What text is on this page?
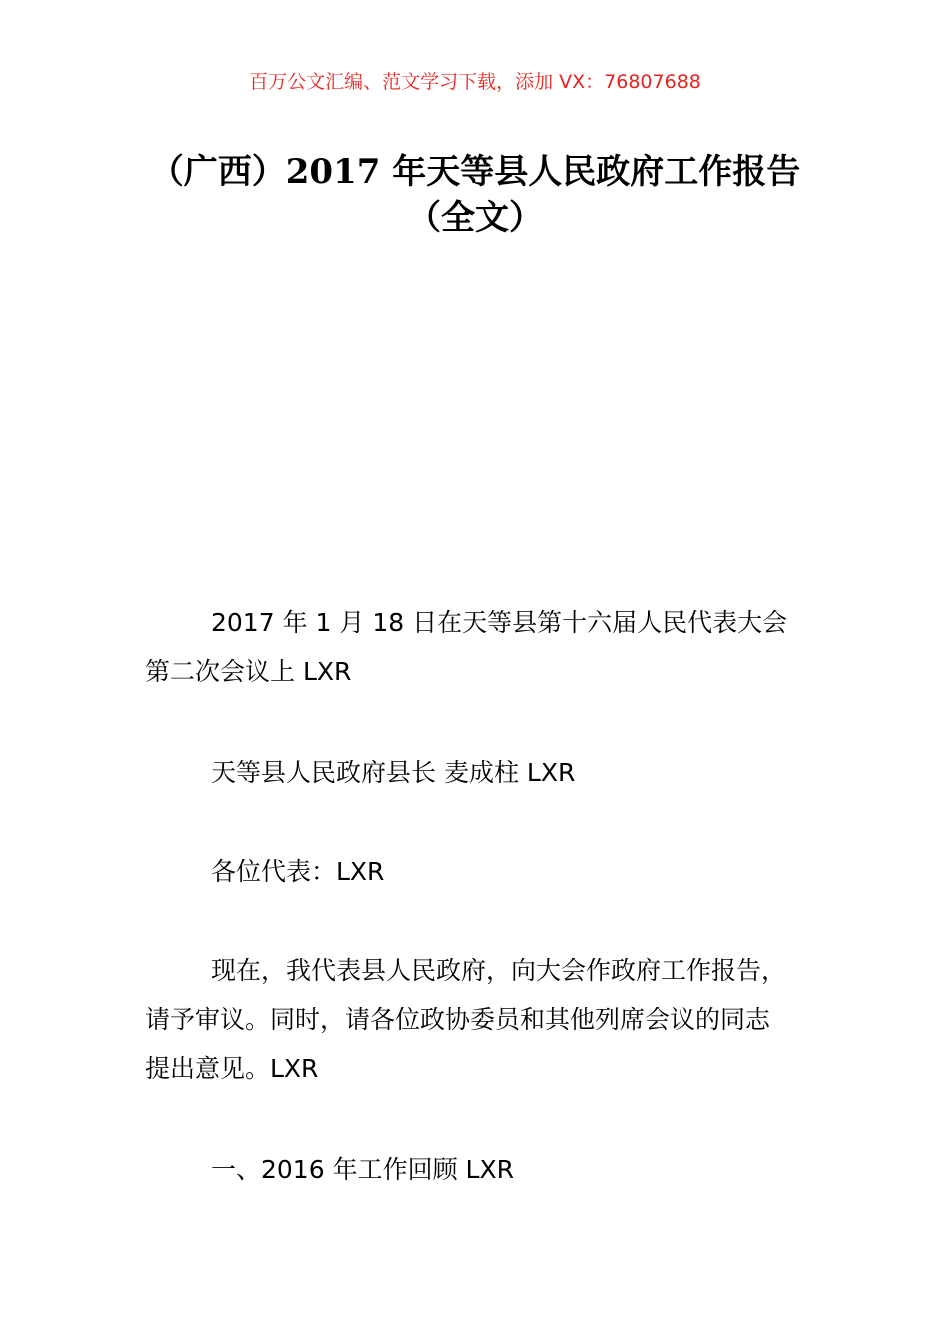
百万公文汇编、范文学习下载，添加 VX：76807688
（广西）2017 年天等县人民政府工作报告
（全文）
2017 年 1 月 18 日在天等县第十六届人民代表大会
第二次会议上 LXR
天等县人民政府县长 麦成柱 LXR
各位代表：LXR
现在，我代表县人民政府，向大会作政府工作报告，
请予审议。同时，请各位政协委员和其他列席会议的同志
提出意见。LXR
一、2016 年工作回顾 LXR
